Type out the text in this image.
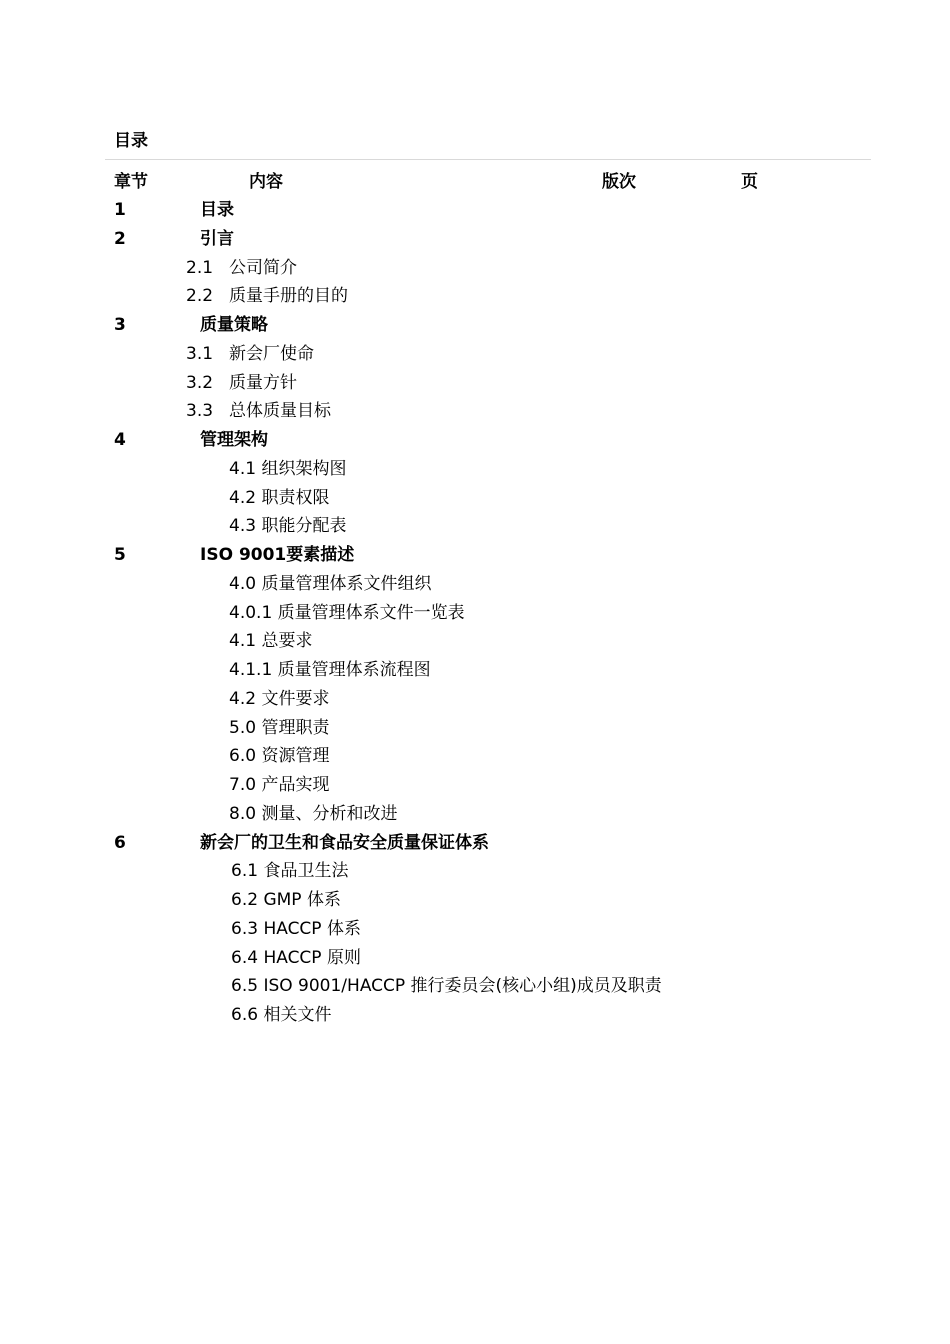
目录
章节	内容	版次	页
1	目录
2	引言
2.1 公司简介
2.2 质量手册的目的
3	质量策略
3.1 新会厂使命
3.2 质量方针
3.3 总体质量目标
4	管理架构
4.1 组织架构图
4.2 职责权限
4.3 职能分配表
5	ISO 9001要素描述
4.0 质量管理体系文件组织
4.0.1 质量管理体系文件一览表
4.1 总要求
4.1.1 质量管理体系流程图
4.2 文件要求
5.0 管理职责
6.0 资源管理
7.0 产品实现
8.0 测量、分析和改进
6	新会厂的卫生和食品安全质量保证体系
6.1 食品卫生法
6.2 GMP 体系
6.3 HACCP 体系
6.4 HACCP 原则
6.5 ISO 9001/HACCP 推行委员会(核心小组)成员及职责
6.6 相关文件
